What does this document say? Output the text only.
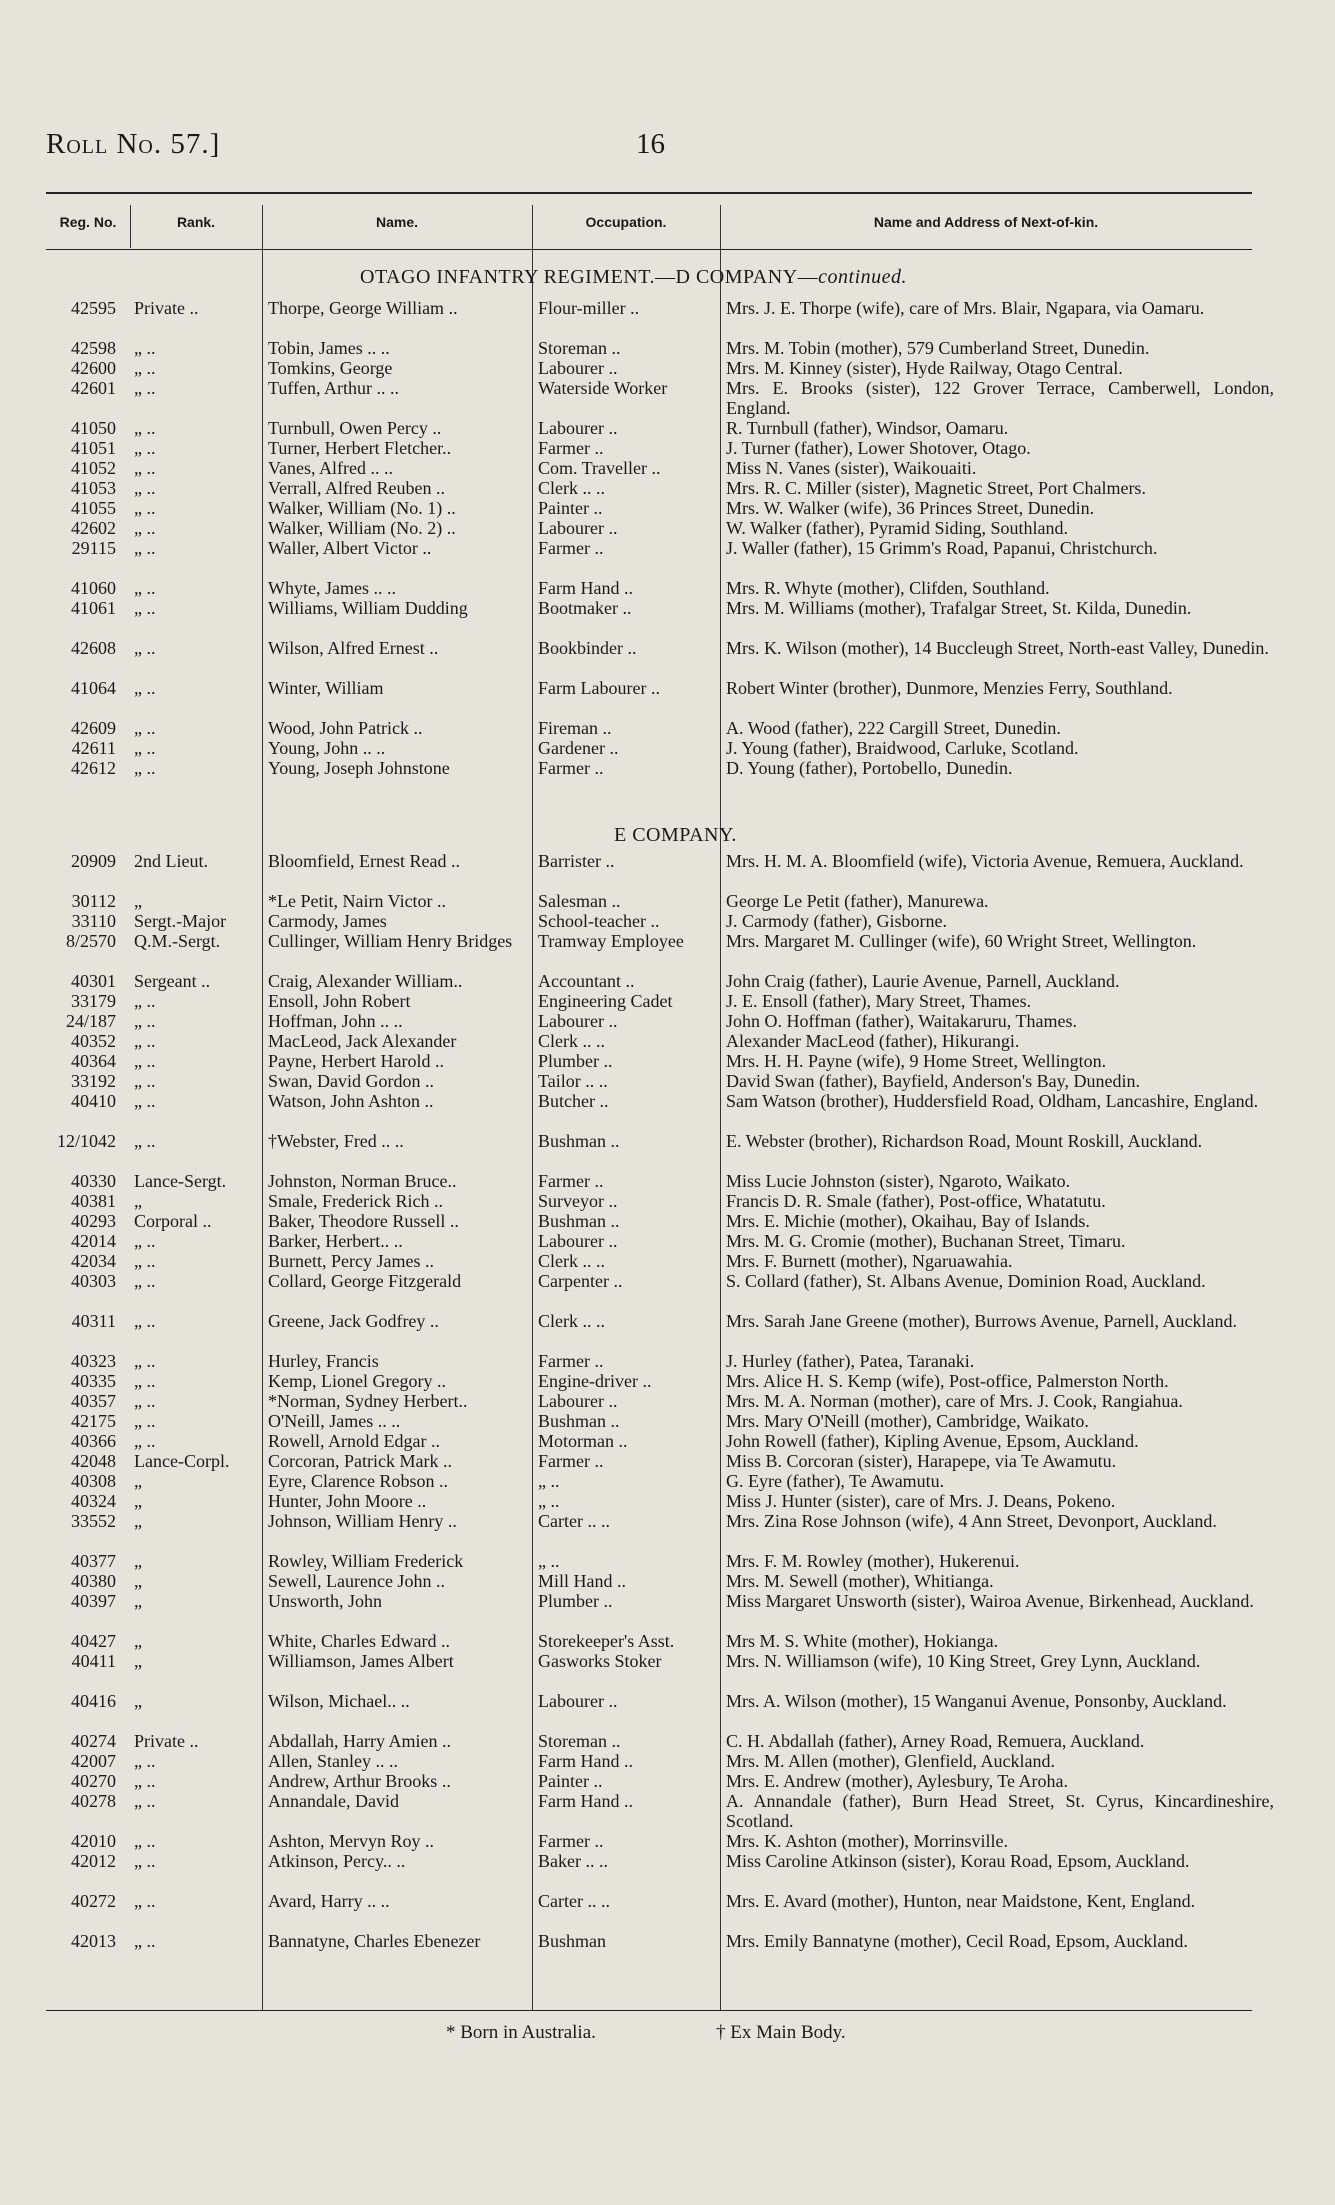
Roll No. 57.]	16
Reg. No.	Rank.	Name.	Occupation.	Name and Address of Next-of-kin.
OTAGO INFANTRY REGIMENT.—D COMPANY—continued.
E COMPANY.
42595 Private ..	Thorpe, George William ..	Flour-miller ..	Mrs. J. E. Thorpe (wife), care of Mrs. Blair, Ngapara, via Oamaru.
42598 „ ..	Tobin, James .. ..	Storeman ..	Mrs. M. Tobin (mother), 579 Cumberland Street, Dunedin.
42600 „ ..	Tomkins, George	Labourer ..	Mrs. M. Kinney (sister), Hyde Railway, Otago Central.
42601 „ ..	Tuffen, Arthur .. ..	Waterside Worker	Mrs. E. Brooks (sister), 122 Grover Terrace, Camberwell, London, England.
41050 „ ..	Turnbull, Owen Percy ..	Labourer ..	R. Turnbull (father), Windsor, Oamaru.
41051 „ ..	Turner, Herbert Fletcher..	Farmer ..	J. Turner (father), Lower Shotover, Otago.
41052 „ ..	Vanes, Alfred .. ..	Com. Traveller ..	Miss N. Vanes (sister), Waikouaiti.
41053 „ ..	Verrall, Alfred Reuben ..	Clerk .. ..	Mrs. R. C. Miller (sister), Magnetic Street, Port Chalmers.
41055 „ ..	Walker, William (No. 1) ..	Painter ..	Mrs. W. Walker (wife), 36 Princes Street, Dunedin.
42602 „ ..	Walker, William (No. 2) ..	Labourer ..	W. Walker (father), Pyramid Siding, Southland.
29115 „ ..	Waller, Albert Victor ..	Farmer ..	J. Waller (father), 15 Grimm's Road, Papanui, Christchurch.
41060 „ ..	Whyte, James .. ..	Farm Hand ..	Mrs. R. Whyte (mother), Clifden, Southland.
41061 „ ..	Williams, William Dudding	Bootmaker ..	Mrs. M. Williams (mother), Trafalgar Street, St. Kilda, Dunedin.
42608 „ ..	Wilson, Alfred Ernest ..	Bookbinder ..	Mrs. K. Wilson (mother), 14 Buccleugh Street, North-east Valley, Dunedin.
41064 „ ..	Winter, William	Farm Labourer ..	Robert Winter (brother), Dunmore, Menzies Ferry, Southland.
42609 „ ..	Wood, John Patrick ..	Fireman ..	A. Wood (father), 222 Cargill Street, Dunedin.
42611 „ ..	Young, John .. ..	Gardener ..	J. Young (father), Braidwood, Carluke, Scotland.
42612 „ ..	Young, Joseph Johnstone	Farmer ..	D. Young (father), Portobello, Dunedin.
20909 2nd Lieut.	Bloomfield, Ernest Read ..	Barrister ..	Mrs. H. M. A. Bloomfield (wife), Victoria Avenue, Remuera, Auckland.
30112 „	*Le Petit, Nairn Victor ..	Salesman ..	George Le Petit (father), Manurewa.
33110 Sergt.-Major	Carmody, James	School-teacher ..	J. Carmody (father), Gisborne.
8/2570 Q.M.-Sergt.	Cullinger, William Henry Bridges	Tramway Employee	Mrs. Margaret M. Cullinger (wife), 60 Wright Street, Wellington.
40301 Sergeant ..	Craig, Alexander William..	Accountant ..	John Craig (father), Laurie Avenue, Parnell, Auckland.
33179 „ ..	Ensoll, John Robert	Engineering Cadet	J. E. Ensoll (father), Mary Street, Thames.
24/187 „ ..	Hoffman, John .. ..	Labourer ..	John O. Hoffman (father), Waitakaruru, Thames.
40352 „ ..	MacLeod, Jack Alexander	Clerk .. ..	Alexander MacLeod (father), Hikurangi.
40364 „ ..	Payne, Herbert Harold ..	Plumber ..	Mrs. H. H. Payne (wife), 9 Home Street, Wellington.
33192 „ ..	Swan, David Gordon ..	Tailor .. ..	David Swan (father), Bayfield, Anderson's Bay, Dunedin.
40410 „ ..	Watson, John Ashton ..	Butcher ..	Sam Watson (brother), Huddersfield Road, Oldham, Lancashire, England.
12/1042 „ ..	†Webster, Fred .. ..	Bushman ..	E. Webster (brother), Richardson Road, Mount Roskill, Auckland.
40330 Lance-Sergt.	Johnston, Norman Bruce..	Farmer ..	Miss Lucie Johnston (sister), Ngaroto, Waikato.
40381 „	Smale, Frederick Rich ..	Surveyor ..	Francis D. R. Smale (father), Post-office, Whatatutu.
40293 Corporal ..	Baker, Theodore Russell ..	Bushman ..	Mrs. E. Michie (mother), Okaihau, Bay of Islands.
42014 „ ..	Barker, Herbert.. ..	Labourer ..	Mrs. M. G. Cromie (mother), Buchanan Street, Timaru.
42034 „ ..	Burnett, Percy James ..	Clerk .. ..	Mrs. F. Burnett (mother), Ngaruawahia.
40303 „ ..	Collard, George Fitzgerald	Carpenter ..	S. Collard (father), St. Albans Avenue, Dominion Road, Auckland.
40311 „ ..	Greene, Jack Godfrey ..	Clerk .. ..	Mrs. Sarah Jane Greene (mother), Burrows Avenue, Parnell, Auckland.
40323 „ ..	Hurley, Francis	Farmer ..	J. Hurley (father), Patea, Taranaki.
40335 „ ..	Kemp, Lionel Gregory ..	Engine-driver ..	Mrs. Alice H. S. Kemp (wife), Post-office, Palmerston North.
40357 „ ..	*Norman, Sydney Herbert..	Labourer ..	Mrs. M. A. Norman (mother), care of Mrs. J. Cook, Rangiahua.
42175 „ ..	O'Neill, James .. ..	Bushman ..	Mrs. Mary O'Neill (mother), Cambridge, Waikato.
40366 „ ..	Rowell, Arnold Edgar ..	Motorman ..	John Rowell (father), Kipling Avenue, Epsom, Auckland.
42048 Lance-Corpl.	Corcoran, Patrick Mark ..	Farmer ..	Miss B. Corcoran (sister), Harapepe, via Te Awamutu.
40308 „	Eyre, Clarence Robson ..	„ ..	G. Eyre (father), Te Awamutu.
40324 „	Hunter, John Moore ..	„ ..	Miss J. Hunter (sister), care of Mrs. J. Deans, Pokeno.
33552 „	Johnson, William Henry ..	Carter .. ..	Mrs. Zina Rose Johnson (wife), 4 Ann Street, Devonport, Auckland.
40377 „	Rowley, William Frederick	„ ..	Mrs. F. M. Rowley (mother), Hukerenui.
40380 „	Sewell, Laurence John ..	Mill Hand ..	Mrs. M. Sewell (mother), Whitianga.
40397 „	Unsworth, John	Plumber ..	Miss Margaret Unsworth (sister), Wairoa Avenue, Birkenhead, Auckland.
40427 „	White, Charles Edward ..	Storekeeper's Asst.	Mrs M. S. White (mother), Hokianga.
40411 „	Williamson, James Albert	Gasworks Stoker	Mrs. N. Williamson (wife), 10 King Street, Grey Lynn, Auckland.
40416 „	Wilson, Michael.. ..	Labourer ..	Mrs. A. Wilson (mother), 15 Wanganui Avenue, Ponsonby, Auckland.
40274 Private ..	Abdallah, Harry Amien ..	Storeman ..	C. H. Abdallah (father), Arney Road, Remuera, Auckland.
42007 „ ..	Allen, Stanley .. ..	Farm Hand ..	Mrs. M. Allen (mother), Glenfield, Auckland.
40270 „ ..	Andrew, Arthur Brooks ..	Painter ..	Mrs. E. Andrew (mother), Aylesbury, Te Aroha.
40278 „ ..	Annandale, David	Farm Hand ..	A. Annandale (father), Burn Head Street, St. Cyrus, Kincardineshire, Scotland.
42010 „ ..	Ashton, Mervyn Roy ..	Farmer ..	Mrs. K. Ashton (mother), Morrinsville.
42012 „ ..	Atkinson, Percy.. ..	Baker .. ..	Miss Caroline Atkinson (sister), Korau Road, Epsom, Auckland.
40272 „ ..	Avard, Harry .. ..	Carter .. ..	Mrs. E. Avard (mother), Hunton, near Maidstone, Kent, England.
42013 „ ..	Bannatyne, Charles Ebenezer	Bushman	Mrs. Emily Bannatyne (mother), Cecil Road, Epsom, Auckland.
* Born in Australia.	† Ex Main Body.
